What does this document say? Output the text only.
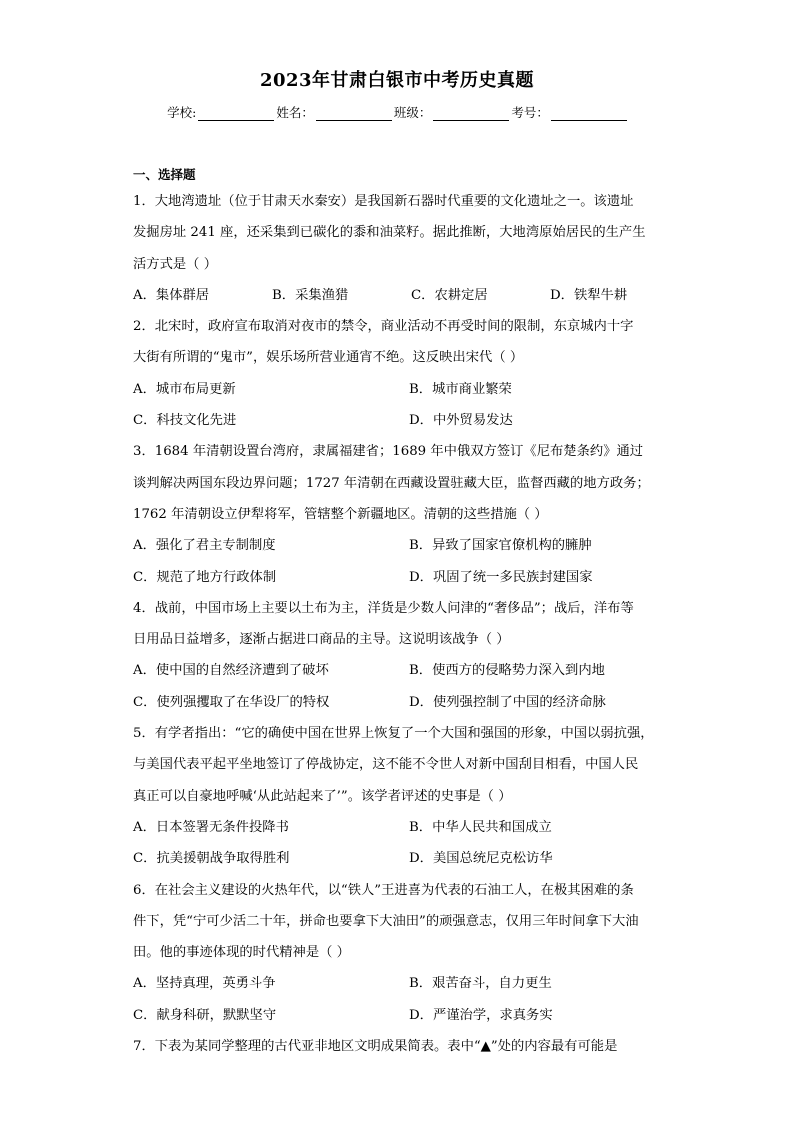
2023年甘肃白银市中考历史真题
学校:	姓名：	班级：	考号：
一、选择题
1．大地湾遗址（位于甘肃天水秦安）是我国新石器时代重要的文化遗址之一。该遗址
发掘房址 241 座，还采集到已碳化的黍和油菜籽。据此推断，大地湾原始居民的生产生
活方式是（ ）
A．集体群居	B．采集渔猎	C．农耕定居	D．铁犁牛耕
2．北宋时，政府宣布取消对夜市的禁令，商业活动不再受时间的限制，东京城内十字
大街有所谓的“鬼市”，娱乐场所营业通宵不绝。这反映出宋代（ ）
A．城市布局更新	B．城市商业繁荣
C．科技文化先进	D．中外贸易发达
3．1684 年清朝设置台湾府，隶属福建省；1689 年中俄双方签订《尼布楚条约》通过
谈判解决两国东段边界问题；1727 年清朝在西藏设置驻藏大臣，监督西藏的地方政务；
1762 年清朝设立伊犁将军，管辖整个新疆地区。清朝的这些措施（ ）
A．强化了君主专制制度	B．异致了国家官僚机构的臃肿
C．规范了地方行政体制	D．巩固了统一多民族封建国家
4．战前，中国市场上主要以土布为主，洋货是少数人问津的“奢侈品”；战后，洋布等
日用品日益增多，逐渐占据进口商品的主导。这说明该战争（ ）
A．使中国的自然经济遭到了破坏	B．使西方的侵略势力深入到内地
C．使列强攫取了在华设厂的特权	D．使列强控制了中国的经济命脉
5．有学者指出：“它的确使中国在世界上恢复了一个大国和强国的形象，中国以弱抗强，
与美国代表平起平坐地签订了停战协定，这不能不令世人对新中国刮目相看，中国人民
真正可以自豪地呼喊‘从此站起来了’”。该学者评述的史事是（ ）
A．日本签署无条件投降书	B．中华人民共和国成立
C．抗美援朝战争取得胜利	D．美国总统尼克松访华
6．在社会主义建设的火热年代，以“铁人”王进喜为代表的石油工人，在极其困难的条
件下，凭“宁可少活二十年，拼命也要拿下大油田”的顽强意志，仅用三年时间拿下大油
田。他的事迹体现的时代精神是（ ）
A．坚持真理，英勇斗争	B．艰苦奋斗，自力更生
C．献身科研，默默坚守	D．严谨治学，求真务实
7．下表为某同学整理的古代亚非地区文明成果简表。表中“▲”处的内容最有可能是
